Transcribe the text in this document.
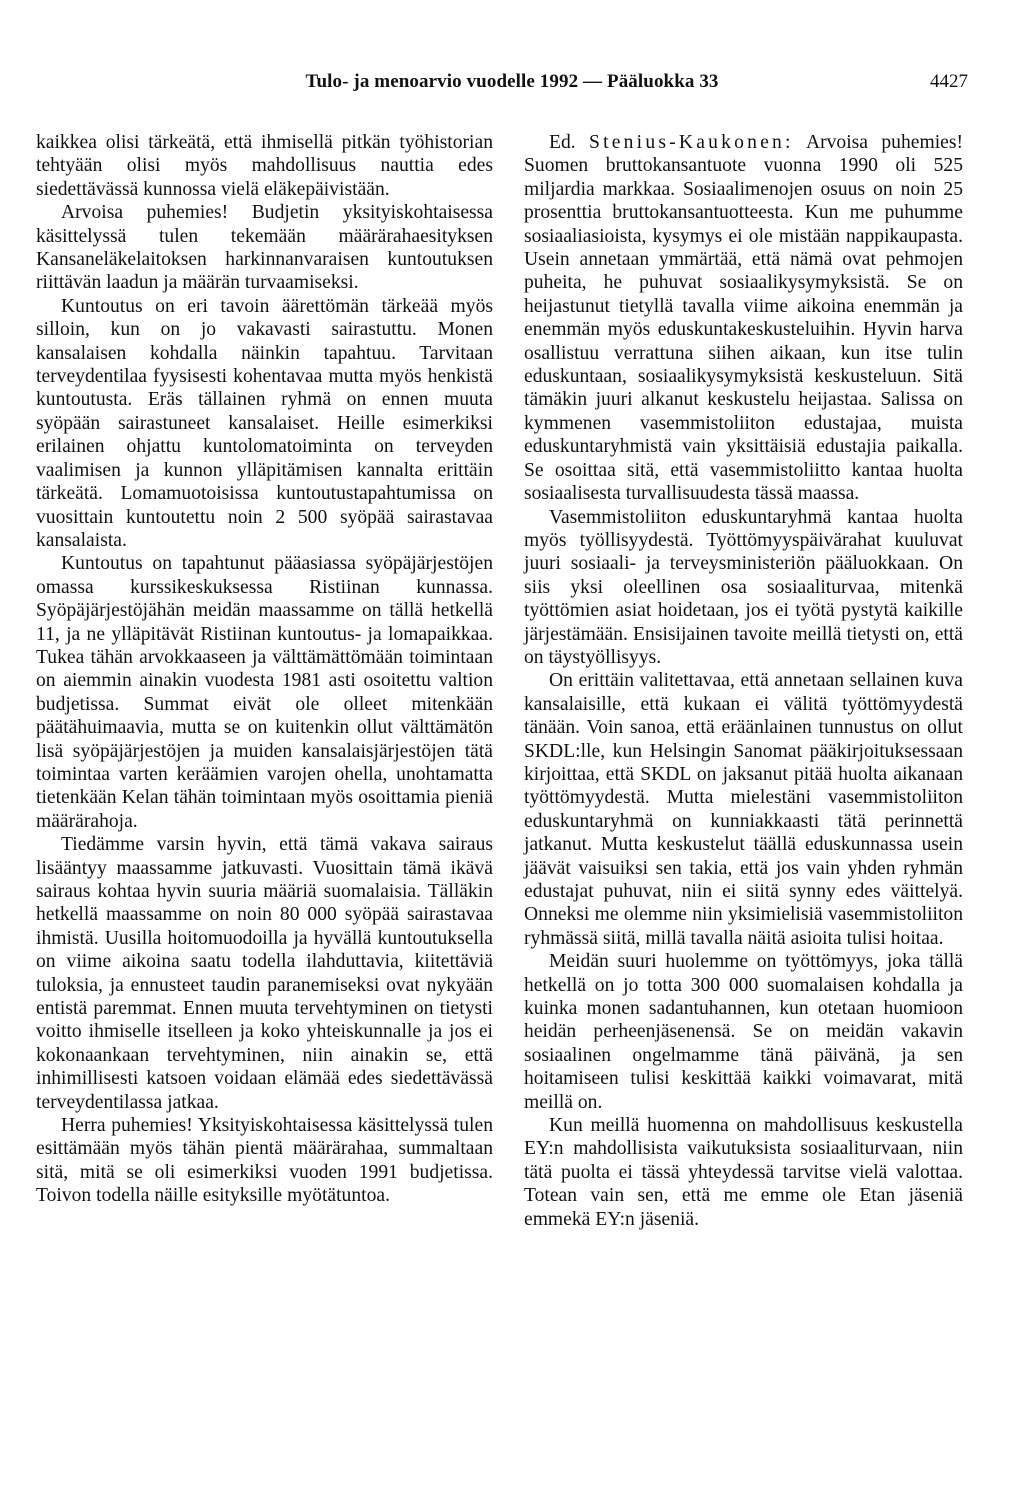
Tulo- ja menoarvio vuodelle 1992 — Pääluokka 33	4427

kaikkea olisi tärkeätä, että ihmisellä pitkän työhistorian tehtyään olisi myös mahdollisuus nauttia edes siedettävässä kunnossa vielä eläkepäivistään.

Arvoisa puhemies! Budjetin yksityiskohtaisessa käsittelyssä tulen tekemään määrärahaesityksen Kansaneläkelaitoksen harkinnanvaraisen kuntoutuksen riittävän laadun ja määrän turvaamiseksi.

Kuntoutus on eri tavoin äärettömän tärkeää myös silloin, kun on jo vakavasti sairastuttu. Monen kansalaisen kohdalla näinkin tapahtuu. Tarvitaan terveydentilaa fyysisesti kohentavaa mutta myös henkistä kuntoutusta. Eräs tällainen ryhmä on ennen muuta syöpään sairastuneet kansalaiset. Heille esimerkiksi erilainen ohjattu kuntolomatoiminta on terveyden vaalimisen ja kunnon ylläpitämisen kannalta erittäin tärkeätä. Lomamuotoisissa kuntoutustapahtumissa on vuosittain kuntoutettu noin 2 500 syöpää sairastavaa kansalaista.

Kuntoutus on tapahtunut pääasiassa syöpäjärjestöjen omassa kurssikeskuksessa Ristiinan kunnassa. Syöpäjärjestöjähän meidän maassamme on tällä hetkellä 11, ja ne ylläpitävät Ristiinan kuntoutus- ja lomapaikkaa. Tukea tähän arvokkaaseen ja välttämättömään toimintaan on aiemmin ainakin vuodesta 1981 asti osoitettu valtion budjetissa. Summat eivät ole olleet mitenkään päätähuimaavia, mutta se on kuitenkin ollut välttämätön lisä syöpäjärjestöjen ja muiden kansalaisjärjestöjen tätä toimintaa varten keräämien varojen ohella, unohtamatta tietenkään Kelan tähän toimintaan myös osoittamia pieniä määrärahoja.

Tiedämme varsin hyvin, että tämä vakava sairaus lisääntyy maassamme jatkuvasti. Vuosittain tämä ikävä sairaus kohtaa hyvin suuria määriä suomalaisia. Tälläkin hetkellä maassamme on noin 80 000 syöpää sairastavaa ihmistä. Uusilla hoitomuodoilla ja hyvällä kuntoutuksella on viime aikoina saatu todella ilahduttavia, kiitettäviä tuloksia, ja ennusteet taudin paranemiseksi ovat nykyään entistä paremmat. Ennen muuta tervehtyminen on tietysti voitto ihmiselle itselleen ja koko yhteiskunnalle ja jos ei kokonaankaan tervehtyminen, niin ainakin se, että inhimillisesti katsoen voidaan elämää edes siedettävässä terveydentilassa jatkaa.

Herra puhemies! Yksityiskohtaisessa käsittelyssä tulen esittämään myös tähän pientä määrärahaa, summaltaan sitä, mitä se oli esimerkiksi vuoden 1991 budjetissa. Toivon todella näille esityksille myötätuntoa.

Ed. Stenius-Kaukonen: Arvoisa puhemies! Suomen bruttokansantuote vuonna 1990 oli 525 miljardia markkaa. Sosiaalimenojen osuus on noin 25 prosenttia bruttokansantuotteesta. Kun me puhumme sosiaaliasioista, kysymys ei ole mistään nappikaupasta. Usein annetaan ymmärtää, että nämä ovat pehmojen puheita, he puhuvat sosiaalikysymyksistä. Se on heijastunut tietyllä tavalla viime aikoina enemmän ja enemmän myös eduskuntakeskusteluihin. Hyvin harva osallistuu verrattuna siihen aikaan, kun itse tulin eduskuntaan, sosiaalikysymyksistä keskusteluun. Sitä tämäkin juuri alkanut keskustelu heijastaa. Salissa on kymmenen vasemmistoliiton edustajaa, muista eduskuntaryhmistä vain yksittäisiä edustajia paikalla. Se osoittaa sitä, että vasemmistoliitto kantaa huolta sosiaalisesta turvallisuudesta tässä maassa.

Vasemmistoliiton eduskuntaryhmä kantaa huolta myös työllisyydestä. Työttömyyspäivärahat kuuluvat juuri sosiaali- ja terveysministeriön pääluokkaan. On siis yksi oleellinen osa sosiaaliturvaa, mitenkä työttömien asiat hoidetaan, jos ei työtä pystytä kaikille järjestämään. Ensisijainen tavoite meillä tietysti on, että on täystyöllisyys.

On erittäin valitettavaa, että annetaan sellainen kuva kansalaisille, että kukaan ei välitä työttömyydestä tänään. Voin sanoa, että eräänlainen tunnustus on ollut SKDL:lle, kun Helsingin Sanomat pääkirjoituksessaan kirjoittaa, että SKDL on jaksanut pitää huolta aikanaan työttömyydestä. Mutta mielestäni vasemmistoliiton eduskuntaryhmä on kunniakkaasti tätä perinnettä jatkanut. Mutta keskustelut täällä eduskunnassa usein jäävät vaisuiksi sen takia, että jos vain yhden ryhmän edustajat puhuvat, niin ei siitä synny edes väittelyä. Onneksi me olemme niin yksimielisiä vasemmistoliiton ryhmässä siitä, millä tavalla näitä asioita tulisi hoitaa.

Meidän suuri huolemme on työttömyys, joka tällä hetkellä on jo totta 300 000 suomalaisen kohdalla ja kuinka monen sadantuhannen, kun otetaan huomioon heidän perheenjäsenensä. Se on meidän vakavin sosiaalinen ongelmamme tänä päivänä, ja sen hoitamiseen tulisi keskittää kaikki voimavarat, mitä meillä on.

Kun meillä huomenna on mahdollisuus keskustella EY:n mahdollisista vaikutuksista sosiaaliturvaan, niin tätä puolta ei tässä yhteydessä tarvitse vielä valottaa. Totean vain sen, että me emme ole Etan jäseniä emmekä EY:n jäseniä.
